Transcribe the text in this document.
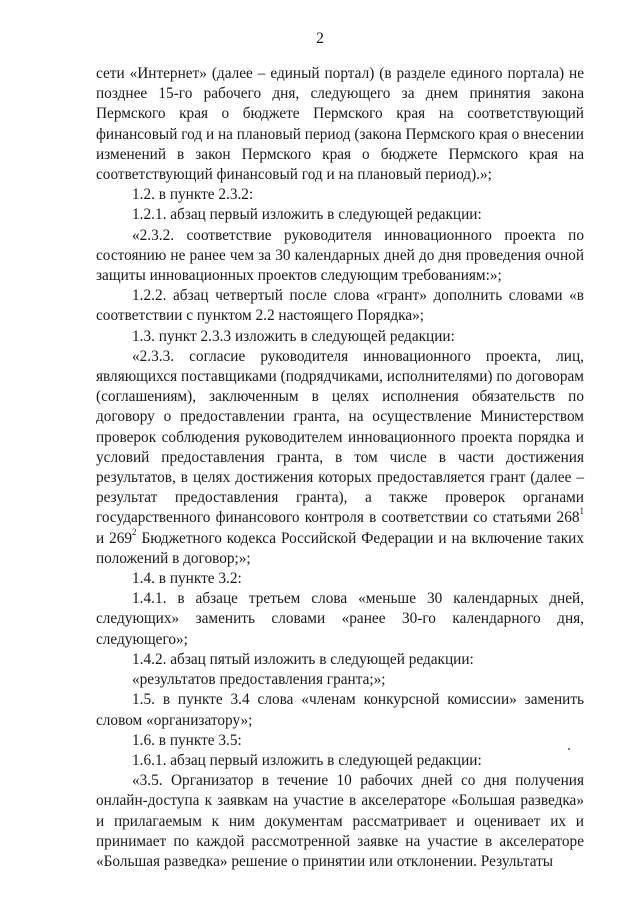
2

сети «Интернет» (далее – единый портал) (в разделе единого портала) не позднее 15-го рабочего дня, следующего за днем принятия закона Пермского края о бюджете Пермского края на соответствующий финансовый год и на плановый период (закона Пермского края о внесении изменений в закон Пермского края о бюджете Пермского края на соответствующий финансовый год и на плановый период).»;

1.2. в пункте 2.3.2:

1.2.1. абзац первый изложить в следующей редакции:

«2.3.2. соответствие руководителя инновационного проекта по состоянию не ранее чем за 30 календарных дней до дня проведения очной защиты инновационных проектов следующим требованиям:»;

1.2.2. абзац четвертый после слова «грант» дополнить словами «в соответствии с пунктом 2.2 настоящего Порядка»;

1.3. пункт 2.3.3 изложить в следующей редакции:

«2.3.3. согласие руководителя инновационного проекта, лиц, являющихся поставщиками (подрядчиками, исполнителями) по договорам (соглашениям), заключенным в целях исполнения обязательств по договору о предоставлении гранта, на осуществление Министерством проверок соблюдения руководителем инновационного проекта порядка и условий предоставления гранта, в том числе в части достижения результатов, в целях достижения которых предоставляется грант (далее – результат предоставления гранта), а также проверок органами государственного финансового контроля в соответствии со статьями $268^1$ и $269^2$ Бюджетного кодекса Российской Федерации и на включение таких положений в договор;»;

1.4. в пункте 3.2:

1.4.1. в абзаце третьем слова «меньше 30 календарных дней, следующих» заменить словами «ранее 30-го календарного дня, следующего»;

1.4.2. абзац пятый изложить в следующей редакции:

«результатов предоставления гранта;»;

1.5. в пункте 3.4 слова «членам конкурсной комиссии» заменить словом «организатору»;

1.6. в пункте 3.5:

1.6.1. абзац первый изложить в следующей редакции:

«3.5. Организатор в течение 10 рабочих дней со дня получения онлайн-доступа к заявкам на участие в акселераторе «Большая разведка» и прилагаемым к ним документам рассматривает и оценивает их и принимает по каждой рассмотренной заявке на участие в акселераторе «Большая разведка» решение о принятии или отклонении. Результаты
